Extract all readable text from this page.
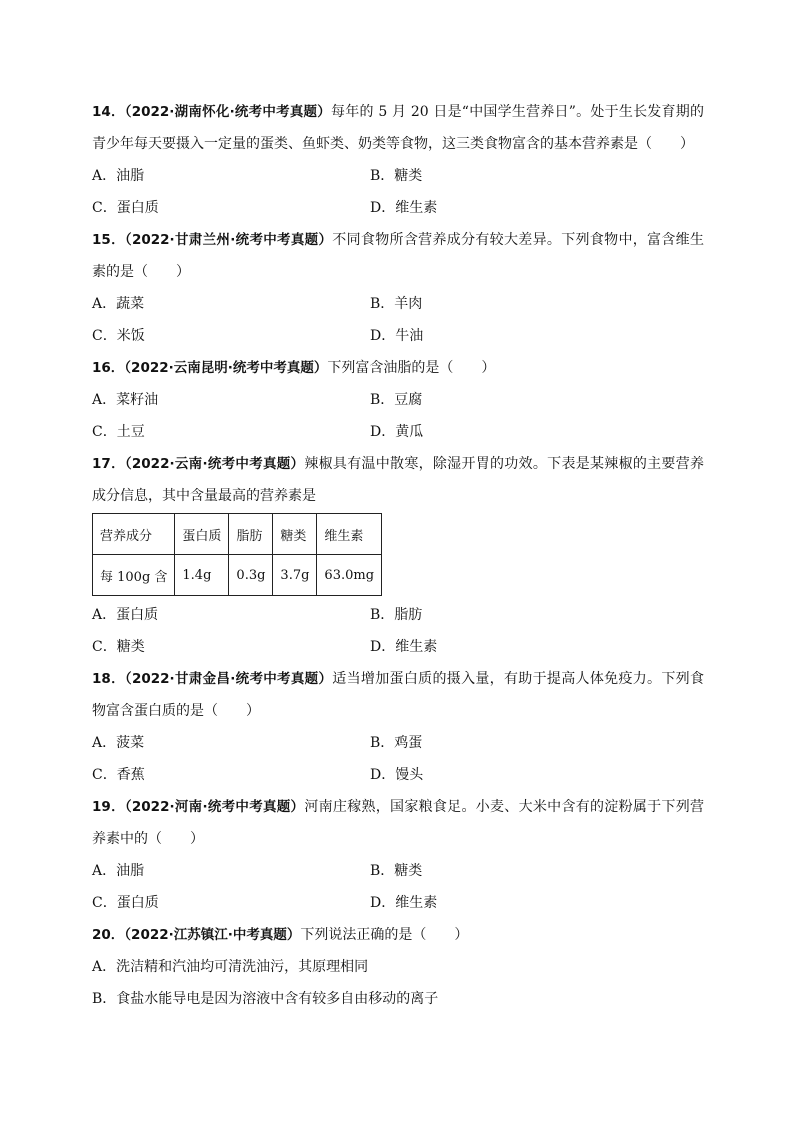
14．（2022·湖南怀化·统考中考真题）每年的 5 月 20 日是“中国学生营养日”。处于生长发育期的青少年每天要摄入一定量的蛋类、鱼虾类、奶类等食物，这三类食物富含的基本营养素是（　　）

A．油脂	B．糖类
C．蛋白质	D．维生素

15．（2022·甘肃兰州·统考中考真题）不同食物所含营养成分有较大差异。下列食物中，富含维生素的是（　　）

A．蔬菜	B．羊肉
C．米饭	D．牛油

16．（2022·云南昆明·统考中考真题）下列富含油脂的是（　　）

A．菜籽油	B．豆腐
C．土豆	D．黄瓜

17．（2022·云南·统考中考真题）辣椒具有温中散寒，除湿开胃的功效。下表是某辣椒的主要营养成分信息，其中含量最高的营养素是

营养成分	蛋白质	脂肪	糖类	维生素
每 100g 含	1.4g	0.3g	3.7g	63.0mg
A．蛋白质	B．脂肪
C．糖类	D．维生素

18．（2022·甘肃金昌·统考中考真题）适当增加蛋白质的摄入量，有助于提高人体免疫力。下列食物富含蛋白质的是（　　）

A．菠菜	B．鸡蛋
C．香蕉	D．馒头

19．（2022·河南·统考中考真题）河南庄稼熟，国家粮食足。小麦、大米中含有的淀粉属于下列营养素中的（　　）

A．油脂	B．糖类
C．蛋白质	D．维生素

20．（2022·江苏镇江·中考真题）下列说法正确的是（　　）

A．洗洁精和汽油均可清洗油污，其原理相同
B．食盐水能导电是因为溶液中含有较多自由移动的离子
